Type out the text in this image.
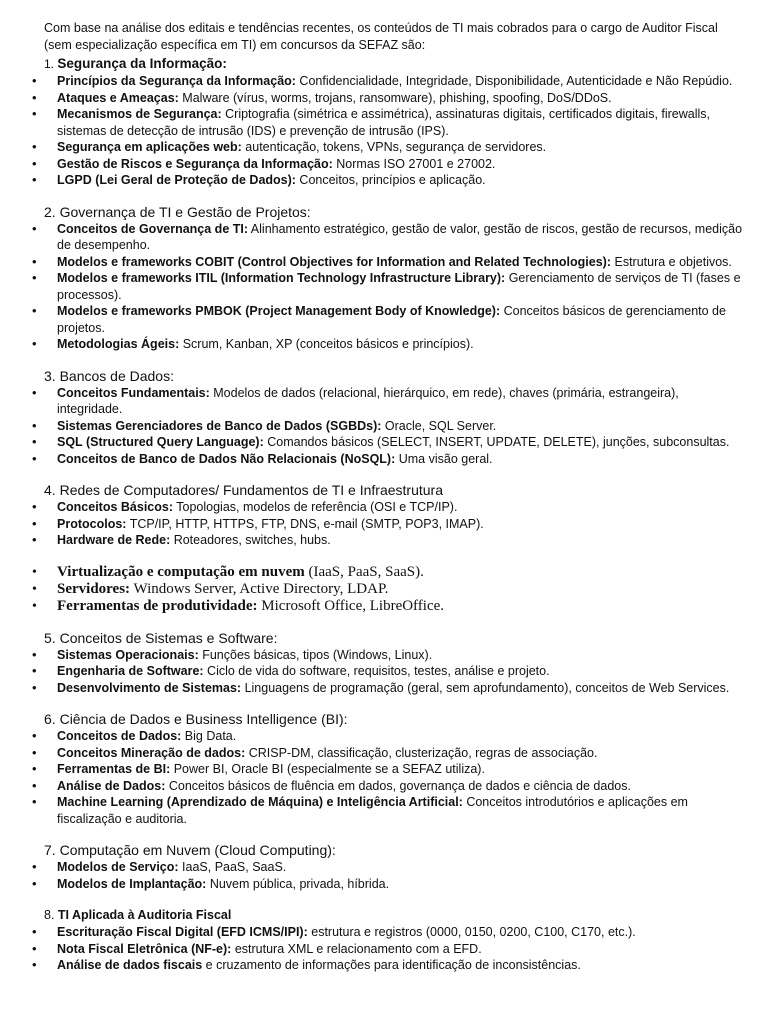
Com base na análise dos editais e tendências recentes, os conteúdos de TI mais cobrados para o cargo de Auditor Fiscal (sem especialização específica em TI) em concursos da SEFAZ são:

1. Segurança da Informação:
• Princípios da Segurança da Informação: Confidencialidade, Integridade, Disponibilidade, Autenticidade e Não Repúdio.
• Ataques e Ameaças: Malware (vírus, worms, trojans, ransomware), phishing, spoofing, DoS/DDoS.
• Mecanismos de Segurança: Criptografia (simétrica e assimétrica), assinaturas digitais, certificados digitais, firewalls, sistemas de detecção de intrusão (IDS) e prevenção de intrusão (IPS).
• Segurança em aplicações web: autenticação, tokens, VPNs, segurança de servidores.
• Gestão de Riscos e Segurança da Informação: Normas ISO 27001 e 27002.
• LGPD (Lei Geral de Proteção de Dados): Conceitos, princípios e aplicação.
2. Governança de TI e Gestão de Projetos:
• Conceitos de Governança de TI: Alinhamento estratégico, gestão de valor, gestão de riscos, gestão de recursos, medição de desempenho.
• Modelos e frameworks COBIT (Control Objectives for Information and Related Technologies): Estrutura e objetivos.
• Modelos e frameworks ITIL (Information Technology Infrastructure Library): Gerenciamento de serviços de TI (fases e processos).
• Modelos e frameworks PMBOK (Project Management Body of Knowledge): Conceitos básicos de gerenciamento de projetos.
• Metodologias Ágeis: Scrum, Kanban, XP (conceitos básicos e princípios).
3. Bancos de Dados:
• Conceitos Fundamentais: Modelos de dados (relacional, hierárquico, em rede), chaves (primária, estrangeira), integridade.
• Sistemas Gerenciadores de Banco de Dados (SGBDs): Oracle, SQL Server.
• SQL (Structured Query Language): Comandos básicos (SELECT, INSERT, UPDATE, DELETE), junções, subconsultas.
• Conceitos de Banco de Dados Não Relacionais (NoSQL): Uma visão geral.
4. Redes de Computadores/ Fundamentos de TI e Infraestrutura
• Conceitos Básicos: Topologias, modelos de referência (OSI e TCP/IP).
• Protocolos: TCP/IP, HTTP, HTTPS, FTP, DNS, e-mail (SMTP, POP3, IMAP).
• Hardware de Rede: Roteadores, switches, hubs.
• Virtualização e computação em nuvem (IaaS, PaaS, SaaS).
• Servidores: Windows Server, Active Directory, LDAP.
• Ferramentas de produtividade: Microsoft Office, LibreOffice.
5. Conceitos de Sistemas e Software:
• Sistemas Operacionais: Funções básicas, tipos (Windows, Linux).
• Engenharia de Software: Ciclo de vida do software, requisitos, testes, análise e projeto.
• Desenvolvimento de Sistemas: Linguagens de programação (geral, sem aprofundamento), conceitos de Web Services.
6. Ciência de Dados e Business Intelligence (BI):
• Conceitos de Dados: Big Data.
• Conceitos Mineração de dados: CRISP-DM, classificação, clusterização, regras de associação.
• Ferramentas de BI: Power BI, Oracle BI (especialmente se a SEFAZ utiliza).
• Análise de Dados: Conceitos básicos de fluência em dados, governança de dados e ciência de dados.
• Machine Learning (Aprendizado de Máquina) e Inteligência Artificial: Conceitos introdutórios e aplicações em fiscalização e auditoria.
7. Computação em Nuvem (Cloud Computing):
• Modelos de Serviço: IaaS, PaaS, SaaS.
• Modelos de Implantação: Nuvem pública, privada, híbrida.
8. TI Aplicada à Auditoria Fiscal
• Escrituração Fiscal Digital (EFD ICMS/IPI): estrutura e registros (0000, 0150, 0200, C100, C170, etc.).
• Nota Fiscal Eletrônica (NF-e): estrutura XML e relacionamento com a EFD.
• Análise de dados fiscais e cruzamento de informações para identificação de inconsistências.
